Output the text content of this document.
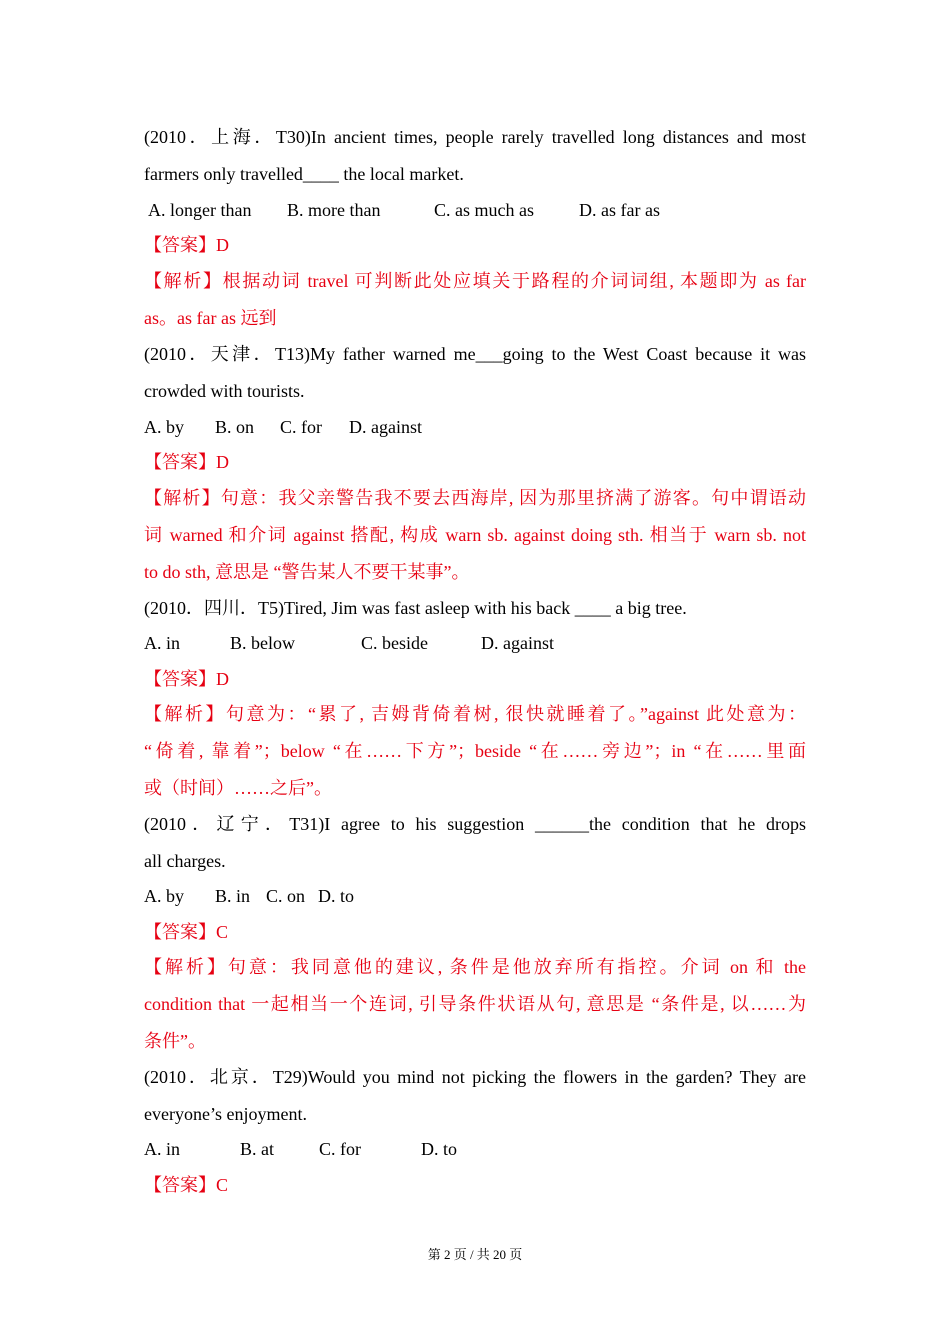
(2010．上海．T30)In ancient times, people rarely travelled long distances and most
farmers only travelled____ the local market.
A. longer than B. more than	C. as much as	D. as far as
【答案】D
【解析】根据动词 travel 可判断此处应填关于路程的介词词组, 本题即为 as far
as。as far as 远到
(2010．天津．T13)My father warned me___going to the West Coast because it was
crowded with tourists.
A. by B. on C. for D. against
【答案】D
【解析】句意：我父亲警告我不要去西海岸, 因为那里挤满了游客。句中谓语动
词 warned 和介词 against 搭配, 构成 warn sb. against doing sth. 相当于 warn sb. not
to do sth, 意思是 “警告某人不要干某事”。
(2010．四川．T5)Tired, Jim was fast asleep with his back ____ a big tree.
A. in	B. below	C. beside	D. against
【答案】D
【解析】句意为：“累了, 吉姆背倚着树, 很快就睡着了。”against 此处意为：
“倚着, 靠着”；below “在……下方”；beside “在……旁边”；in “在……里面
或（时间）……之后”。
(2010．辽宁．T31)I agree to his suggestion ______the condition that he drops
all charges.
A. by B. in C. on D. to
【答案】C
【解析】句意：我同意他的建议, 条件是他放弃所有指控。介词 on 和 the
condition that 一起相当一个连词, 引导条件状语从句, 意思是 “条件是, 以……为
条件”。
(2010．北京．T29)Would you mind not picking the flowers in the garden? They are
everyone’s enjoyment.
A. in	B. at	C. for	D. to
【答案】C
第 2 页 / 共 20 页
